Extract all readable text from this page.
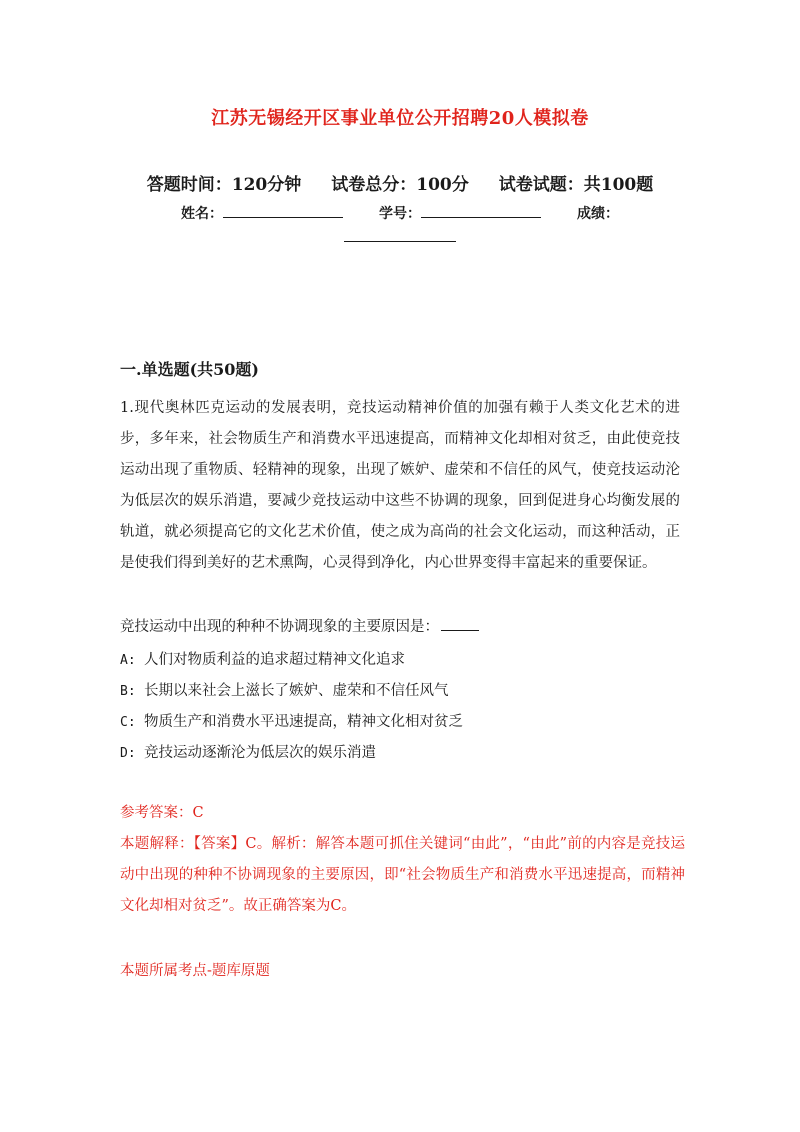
江苏无锡经开区事业单位公开招聘20人模拟卷
答题时间：120分钟 试卷总分：100分 试卷试题：共100题
姓名：	学号：	成绩：
一.单选题(共50题)
1.现代奥林匹克运动的发展表明，竞技运动精神价值的加强有赖于人类文化艺术的进步，多年来，社会物质生产和消费水平迅速提高，而精神文化却相对贫乏，由此使竞技运动出现了重物质、轻精神的现象，出现了嫉妒、虚荣和不信任的风气，使竞技运动沦为低层次的娱乐消遣，要减少竞技运动中这些不协调的现象，回到促进身心均衡发展的轨道，就必须提高它的文化艺术价值，使之成为高尚的社会文化运动，而这种活动，正是使我们得到美好的艺术熏陶，心灵得到净化，内心世界变得丰富起来的重要保证。
竞技运动中出现的种种不协调现象的主要原因是：
A: 人们对物质利益的追求超过精神文化追求
B: 长期以来社会上滋长了嫉妒、虚荣和不信任风气
C: 物质生产和消费水平迅速提高，精神文化相对贫乏
D: 竞技运动逐渐沦为低层次的娱乐消遣
参考答案：C
本题解释：【答案】C。解析：解答本题可抓住关键词“由此”，“由此”前的内容是竞技运动中出现的种种不协调现象的主要原因，即“社会物质生产和消费水平迅速提高，而精神文化却相对贫乏”。故正确答案为C。
本题所属考点-题库原题
